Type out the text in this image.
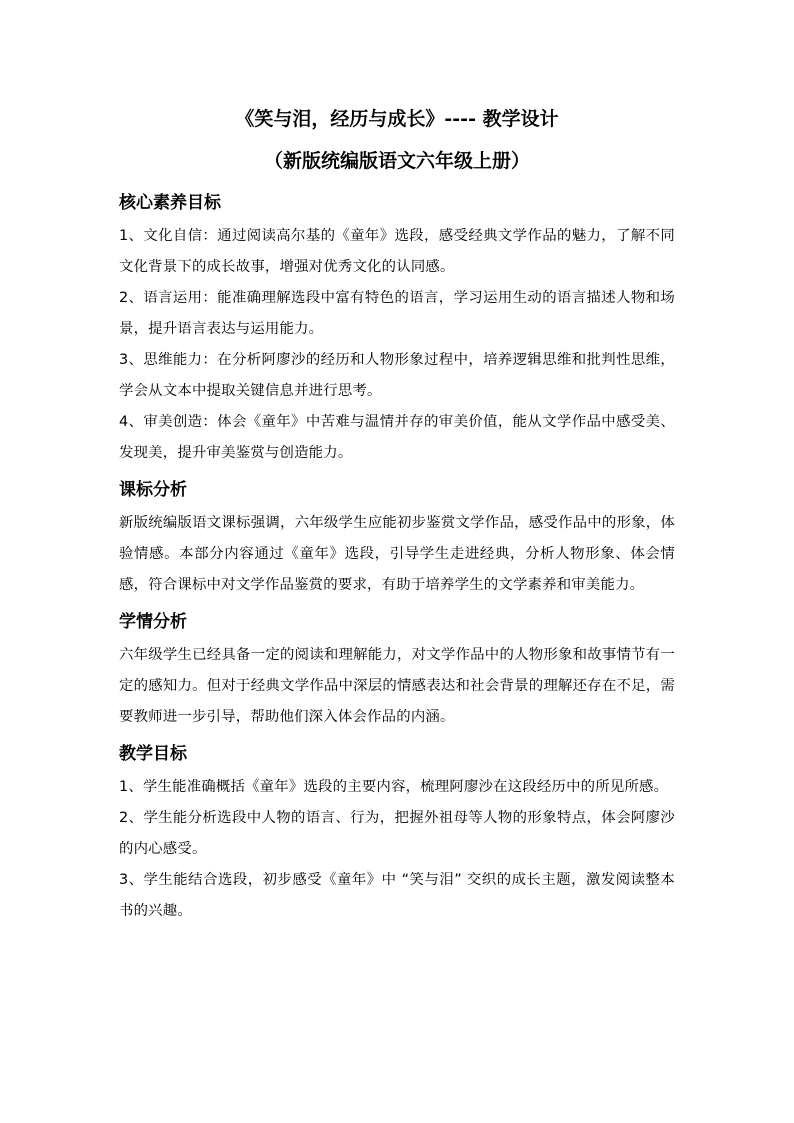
《笑与泪，经历与成长》---- 教学设计
（新版统编版语文六年级上册）
核心素养目标

1、文化自信：通过阅读高尔基的《童年》选段，感受经典文学作品的魅力，了解不同文化背景下的成长故事，增强对优秀文化的认同感。

2、语言运用：能准确理解选段中富有特色的语言，学习运用生动的语言描述人物和场景，提升语言表达与运用能力。

3、思维能力：在分析阿廖沙的经历和人物形象过程中，培养逻辑思维和批判性思维，学会从文本中提取关键信息并进行思考。

4、审美创造：体会《童年》中苦难与温情并存的审美价值，能从文学作品中感受美、发现美，提升审美鉴赏与创造能力。

课标分析

新版统编版语文课标强调，六年级学生应能初步鉴赏文学作品，感受作品中的形象，体验情感。本部分内容通过《童年》选段，引导学生走进经典，分析人物形象、体会情感，符合课标中对文学作品鉴赏的要求，有助于培养学生的文学素养和审美能力。

学情分析

六年级学生已经具备一定的阅读和理解能力，对文学作品中的人物形象和故事情节有一定的感知力。但对于经典文学作品中深层的情感表达和社会背景的理解还存在不足，需要教师进一步引导，帮助他们深入体会作品的内涵。

教学目标

1、学生能准确概括《童年》选段的主要内容，梳理阿廖沙在这段经历中的所见所感。

2、学生能分析选段中人物的语言、行为，把握外祖母等人物的形象特点，体会阿廖沙的内心感受。

3、学生能结合选段，初步感受《童年》中 “笑与泪” 交织的成长主题，激发阅读整本书的兴趣。
